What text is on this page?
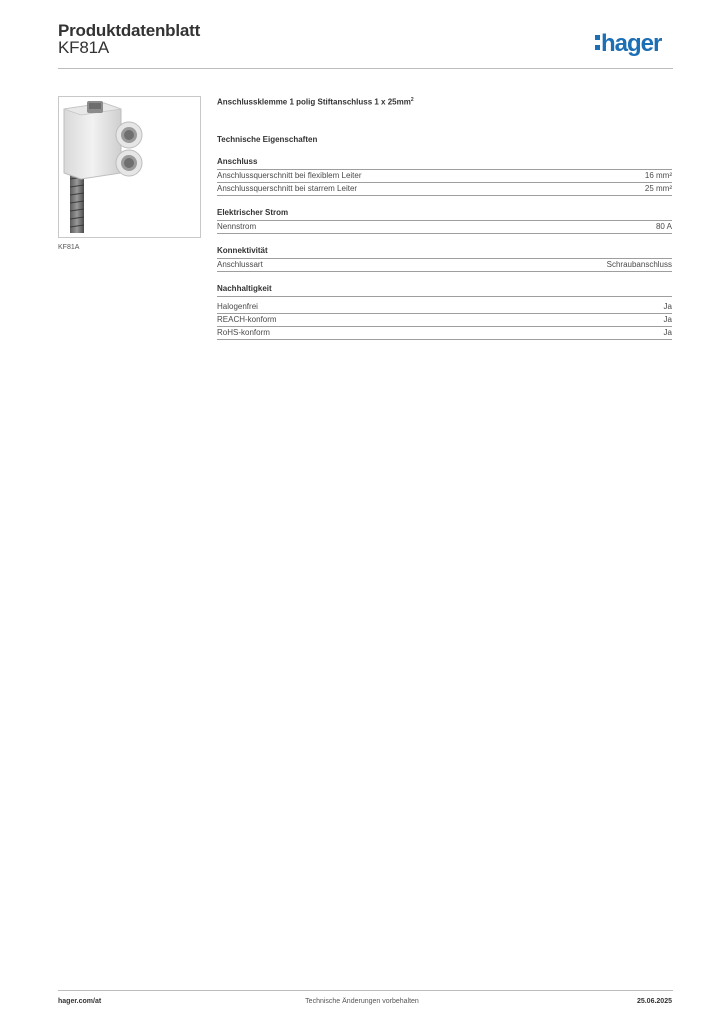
Produktdatenblatt
KF81A	hager
KF81A
Anschlussklemme 1 polig Stiftanschluss 1 x $25mm^2$
Technische Eigenschaften
Anschluss
Anschlussquerschnitt bei flexiblem Leiter	16 mm²
Anschlussquerschnitt bei starrem Leiter	25 mm²
Elektrischer Strom
Nennstrom	80 A
Konnektivität
Anschlussart	Schraubanschluss
Nachhaltigkeit
Halogenfrei	Ja
REACH-konform	Ja
RoHS-konform	Ja
hager.com/at	Technische Änderungen vorbehalten	25.06.2025
